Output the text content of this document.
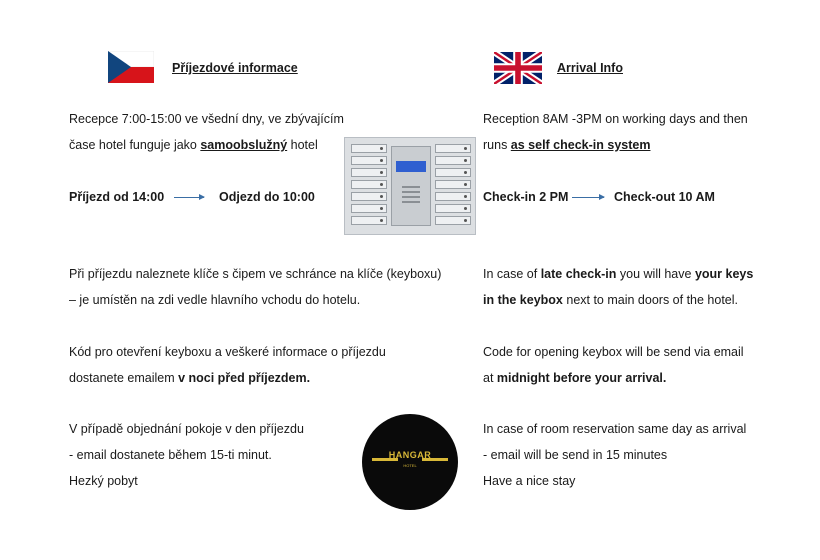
Příjezdové informace	Arrival Info
Recepce 7:00-15:00 ve všední dny, ve zbývajícím
čase hotel funguje jako samoobslužný hotel
Příjezd od 14:00	Odjezd do 10:00
Při příjezdu naleznete klíče s čipem ve schránce na klíče (keyboxu)
– je umístěn na zdi vedle hlavního vchodu do hotelu.
Kód pro otevření keyboxu a veškeré informace o příjezdu
dostanete emailem v noci před příjezdem.
V případě objednání pokoje v den příjezdu
- email dostanete během 15-ti minut.
Hezký pobyt
Reception 8AM -3PM on working days and then
runs as self check-in system
Check-in 2 PM	Check-out 10 AM
In case of late check-in you will have your keys
in the keybox next to main doors of the hotel.
Code for opening keybox will be send via email
at midnight before your arrival.
In case of room reservation same day as arrival
- email will be send in 15 minutes
Have a nice stay
HANGAR
HOTEL
